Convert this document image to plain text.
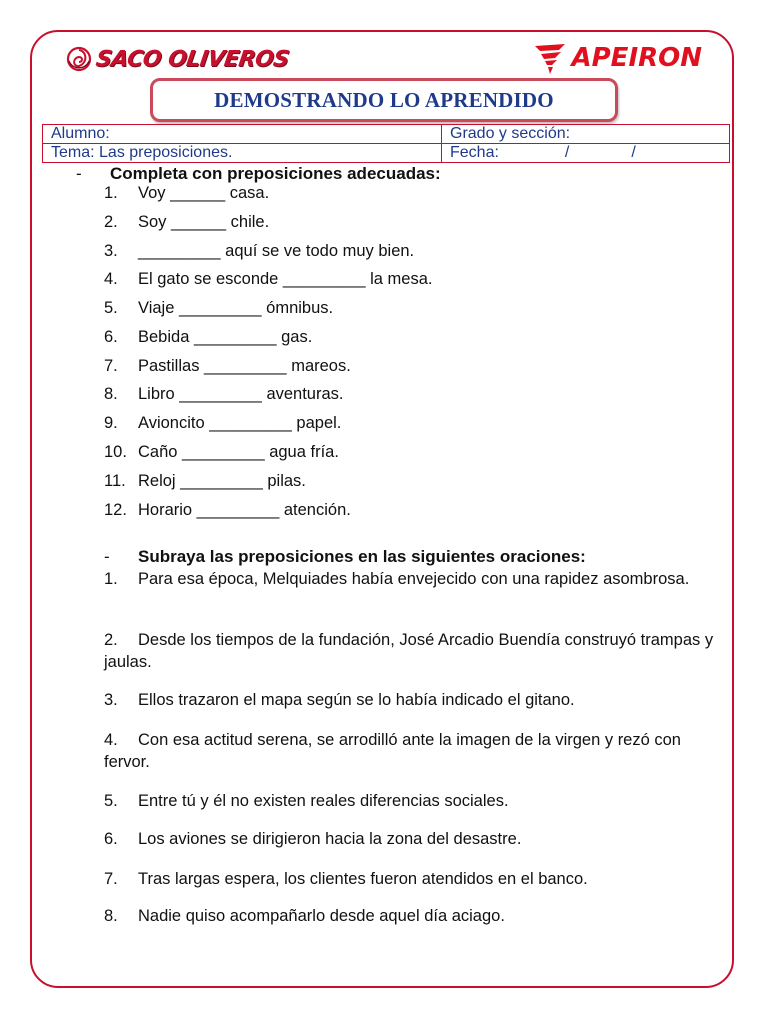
SACO OLIVEROS	APEIRON
DEMOSTRANDO LO APRENDIDO
Alumno:	Grado y sección:
Tema: Las preposiciones.	Fecha: / /
- Completa con preposiciones adecuadas:
1. Voy ______ casa.
2. Soy ______ chile.
3. _________ aquí se ve todo muy bien.
4. El gato se esconde _________ la mesa.
5. Viaje _________ ómnibus.
6. Bebida _________ gas.
7. Pastillas _________ mareos.
8. Libro _________ aventuras.
9. Avioncito _________ papel.
10. Caño _________ agua fría.
11. Reloj _________ pilas.
12. Horario _________ atención.
- Subraya las preposiciones en las siguientes oraciones:
1. Para esa época, Melquiades había envejecido con una rapidez asombrosa.
2. Desde los tiempos de la fundación, José Arcadio Buendía construyó trampas y jaulas.
3. Ellos trazaron el mapa según se lo había indicado el gitano.
4. Con esa actitud serena, se arrodilló ante la imagen de la virgen y rezó con fervor.
5. Entre tú y él no existen reales diferencias sociales.
6. Los aviones se dirigieron hacia la zona del desastre.
7. Tras largas espera, los clientes fueron atendidos en el banco.
8. Nadie quiso acompañarlo desde aquel día aciago.
